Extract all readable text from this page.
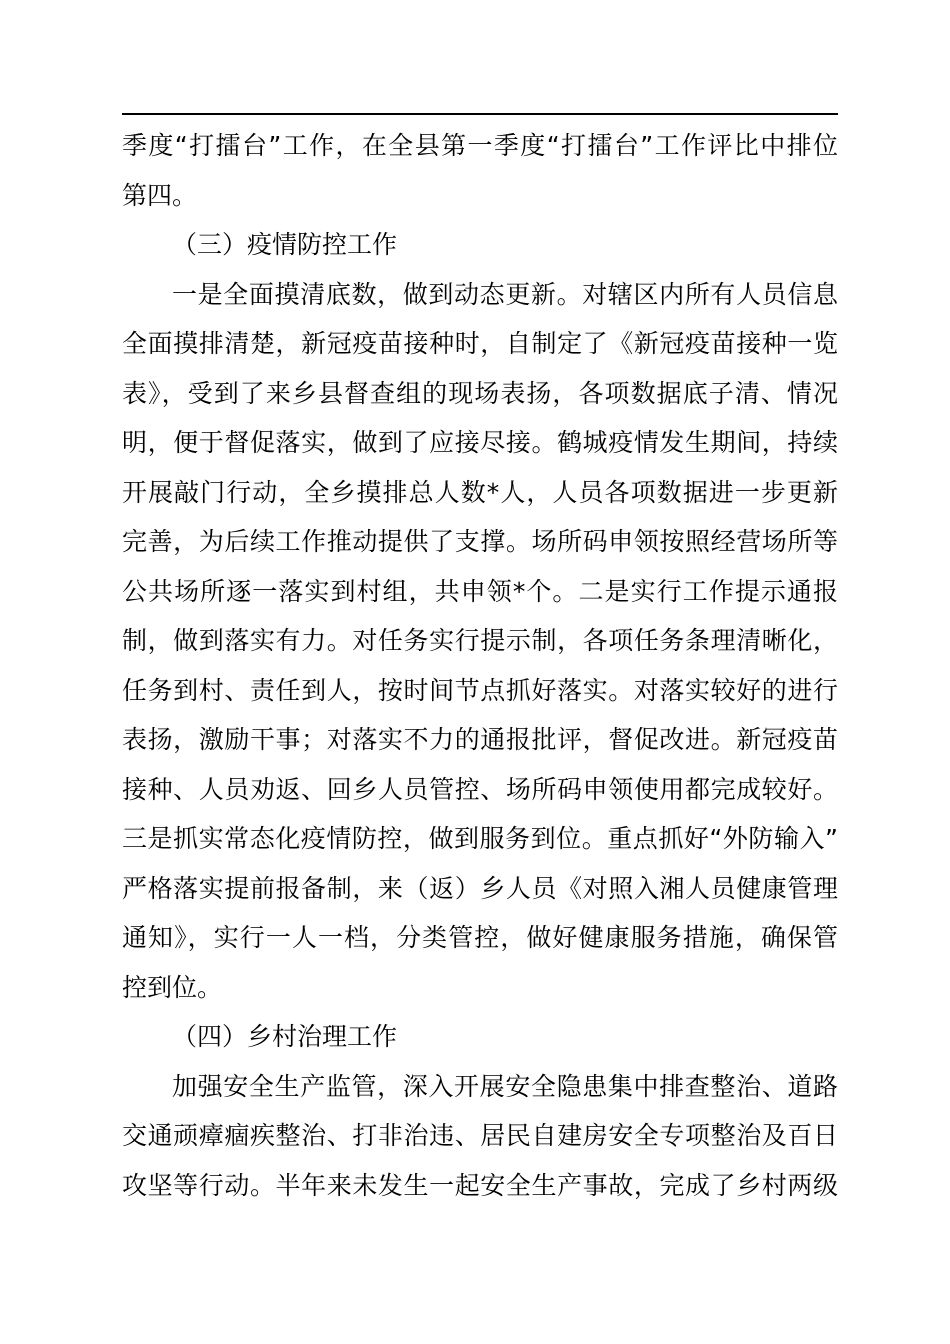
季度“打擂台”工作，在全县第一季度“打擂台”工作评比中排位
第四。
（三）疫情防控工作
一是全面摸清底数，做到动态更新。对辖区内所有人员信息
全面摸排清楚，新冠疫苗接种时，自制定了《新冠疫苗接种一览
表》，受到了来乡县督查组的现场表扬，各项数据底子清、情况
明，便于督促落实，做到了应接尽接。鹤城疫情发生期间，持续
开展敲门行动，全乡摸排总人数*人，人员各项数据进一步更新
完善，为后续工作推动提供了支撑。场所码申领按照经营场所等
公共场所逐一落实到村组，共申领*个。二是实行工作提示通报
制，做到落实有力。对任务实行提示制，各项任务条理清晰化，
任务到村、责任到人，按时间节点抓好落实。对落实较好的进行
表扬，激励干事；对落实不力的通报批评，督促改进。新冠疫苗
接种、人员劝返、回乡人员管控、场所码申领使用都完成较好。
三是抓实常态化疫情防控，做到服务到位。重点抓好“外防输入”
严格落实提前报备制，来（返）乡人员《对照入湘人员健康管理
通知》，实行一人一档，分类管控，做好健康服务措施，确保管
控到位。
（四）乡村治理工作
加强安全生产监管，深入开展安全隐患集中排查整治、道路
交通顽瘴痼疾整治、打非治违、居民自建房安全专项整治及百日
攻坚等行动。半年来未发生一起安全生产事故，完成了乡村两级
